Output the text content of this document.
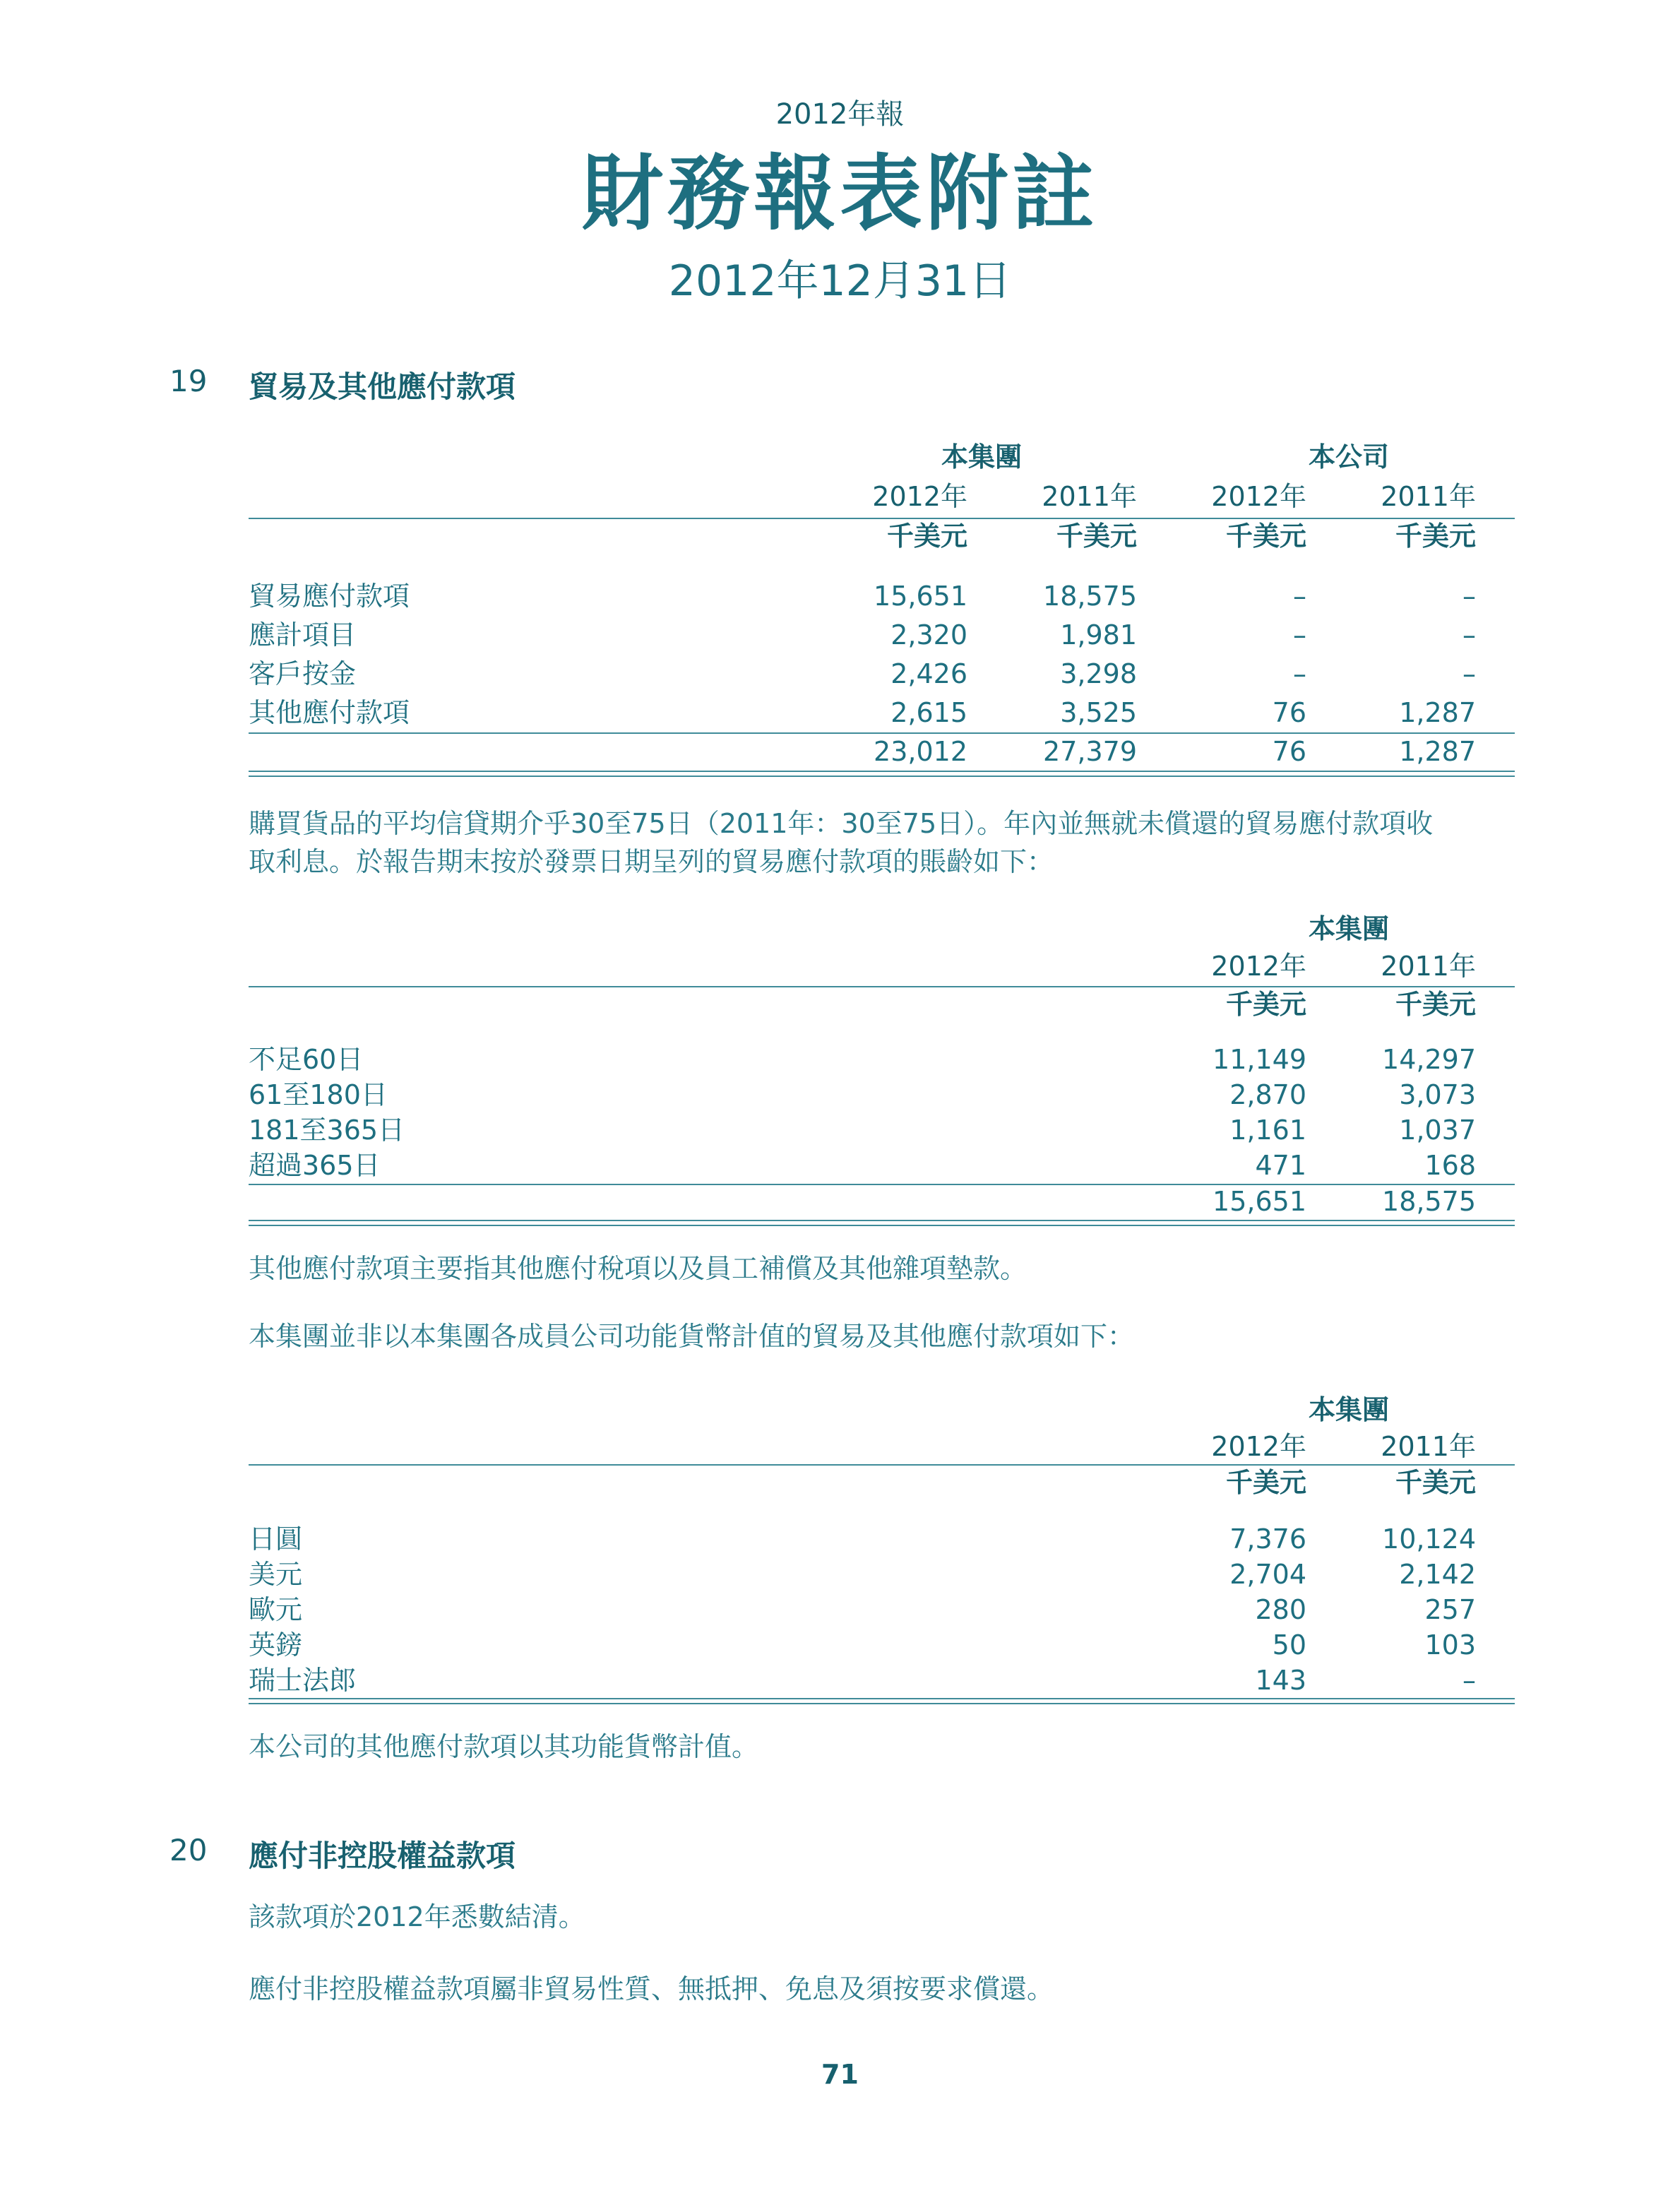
2012年報
財務報表附註
2012年12月31日
19 貿易及其他應付款項
本集團	本公司
2012年	2011年	2012年	2011年
千美元	千美元	千美元	千美元
貿易應付款項	15,651	18,575	–	–
應計項目	2,320	1,981	–	–
客戶按金	2,426	3,298	–	–
其他應付款項	2,615	3,525	76	1,287
23,012	27,379	76	1,287
購買貨品的平均信貸期介乎30至75日（2011年：30至75日）。年內並無就未償還的貿易應付款項收
取利息。於報告期末按於發票日期呈列的貿易應付款項的賬齡如下：
本集團
2012年	2011年
千美元	千美元
不足60日	11,149	14,297
61至180日	2,870	3,073
181至365日	1,161	1,037
超過365日	471	168
15,651	18,575
其他應付款項主要指其他應付稅項以及員工補償及其他雜項墊款。
本集團並非以本集團各成員公司功能貨幣計值的貿易及其他應付款項如下：
本集團
2012年	2011年
千美元	千美元
日圓	7,376	10,124
美元	2,704	2,142
歐元	280	257
英鎊	50	103
瑞士法郎	143	–
本公司的其他應付款項以其功能貨幣計值。
20 應付非控股權益款項
該款項於2012年悉數結清。
應付非控股權益款項屬非貿易性質、無抵押、免息及須按要求償還。
71
